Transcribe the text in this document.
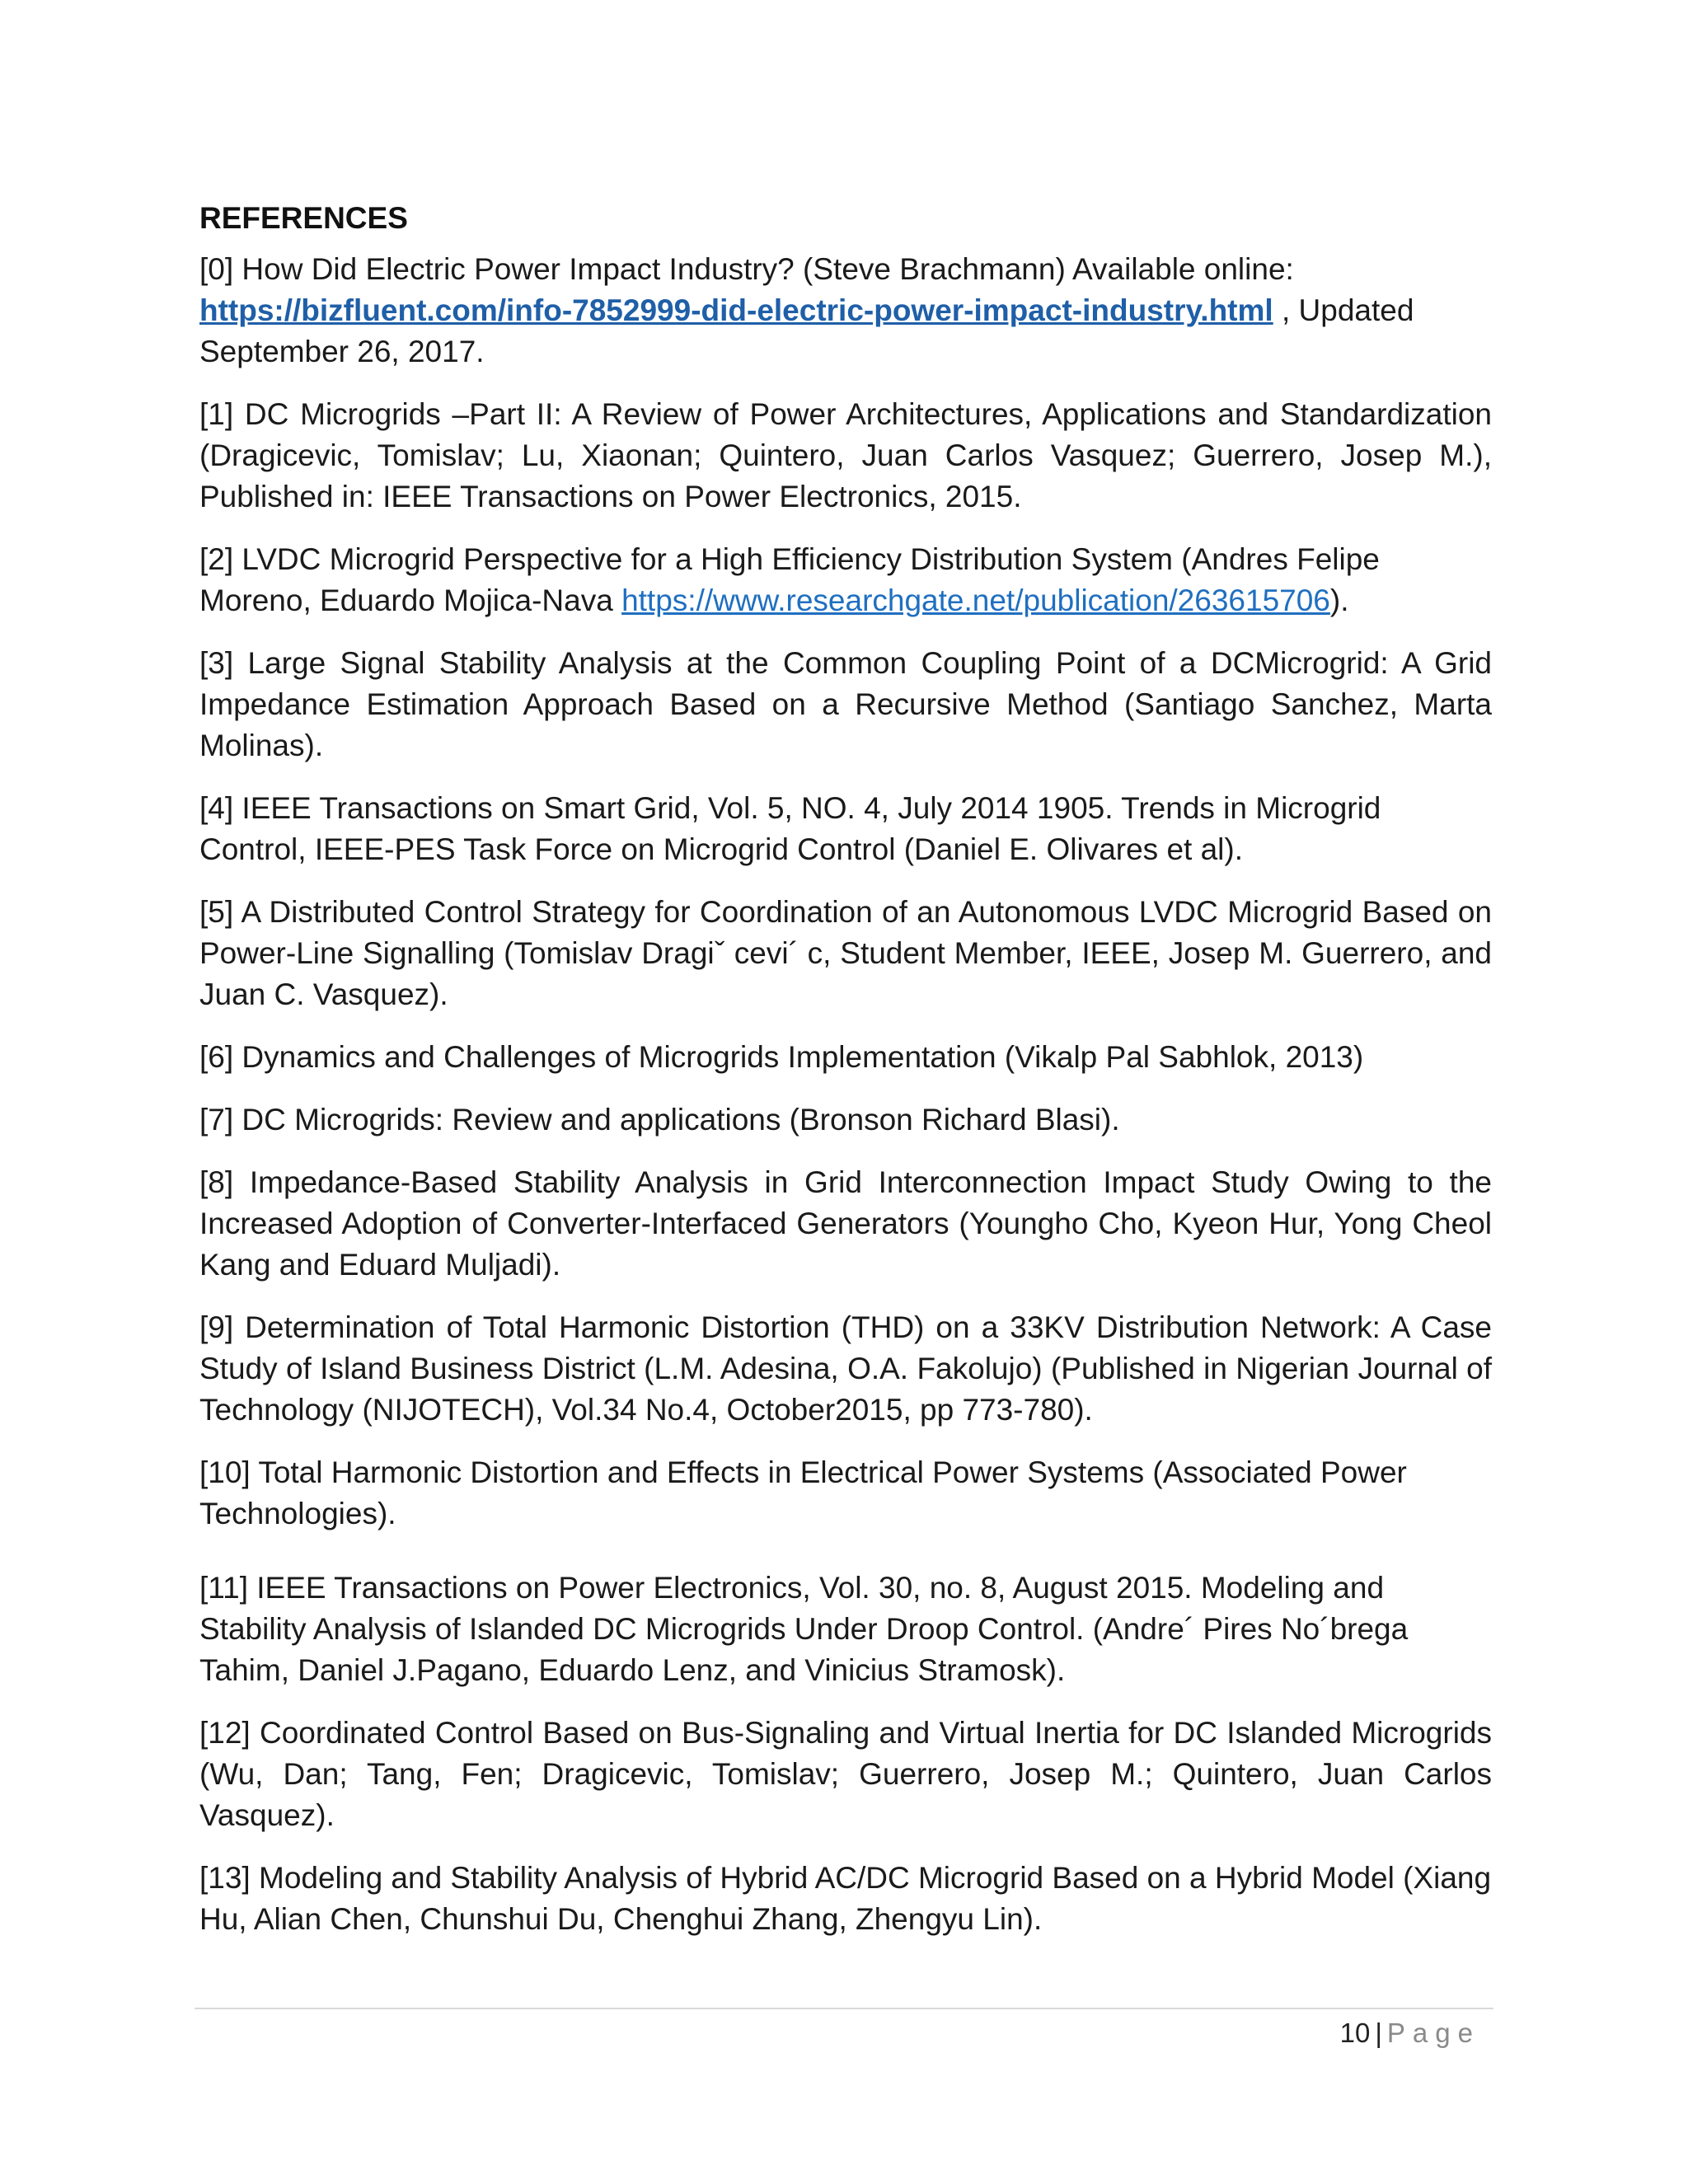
REFERENCES

[0] How Did Electric Power Impact Industry? (Steve Brachmann) Available online: https://bizfluent.com/info-7852999-did-electric-power-impact-industry.html , Updated September 26, 2017.

[1] DC Microgrids –Part II: A Review of Power Architectures, Applications and Standardization (Dragicevic, Tomislav; Lu, Xiaonan; Quintero, Juan Carlos Vasquez; Guerrero, Josep M.), Published in: IEEE Transactions on Power Electronics, 2015.

[2] LVDC Microgrid Perspective for a High Efficiency Distribution System (Andres Felipe Moreno, Eduardo Mojica-Nava https://www.researchgate.net/publication/263615706).

[3] Large Signal Stability Analysis at the Common Coupling Point of a DCMicrogrid: A Grid Impedance Estimation Approach Based on a Recursive Method (Santiago Sanchez, Marta Molinas).

[4] IEEE Transactions on Smart Grid, Vol. 5, NO. 4, July 2014 1905. Trends in Microgrid Control, IEEE-PES Task Force on Microgrid Control (Daniel E. Olivares et al).

[5] A Distributed Control Strategy for Coordination of an Autonomous LVDC Microgrid Based on Power-Line Signalling (Tomislav Dragiˇ cevi´ c, Student Member, IEEE, Josep M. Guerrero, and Juan C. Vasquez).

[6] Dynamics and Challenges of Microgrids Implementation (Vikalp Pal Sabhlok, 2013)

[7] DC Microgrids: Review and applications (Bronson Richard Blasi).

[8] Impedance-Based Stability Analysis in Grid Interconnection Impact Study Owing to the Increased Adoption of Converter-Interfaced Generators (Youngho Cho, Kyeon Hur, Yong Cheol Kang and Eduard Muljadi).

[9] Determination of Total Harmonic Distortion (THD) on a 33KV Distribution Network: A Case Study of Island Business District (L.M. Adesina, O.A. Fakolujo) (Published in Nigerian Journal of Technology (NIJOTECH), Vol.34 No.4, October2015, pp 773-780).

[10] Total Harmonic Distortion and Effects in Electrical Power Systems (Associated Power Technologies).

[11] IEEE Transactions on Power Electronics, Vol. 30, no. 8, August 2015. Modeling and Stability Analysis of Islanded DC Microgrids Under Droop Control. (Andre´ Pires No´brega Tahim, Daniel J.Pagano, Eduardo Lenz, and Vinicius Stramosk).

[12] Coordinated Control Based on Bus-Signaling and Virtual Inertia for DC Islanded Microgrids (Wu, Dan; Tang, Fen; Dragicevic, Tomislav; Guerrero, Josep M.; Quintero, Juan Carlos Vasquez).

[13] Modeling and Stability Analysis of Hybrid AC/DC Microgrid Based on a Hybrid Model (Xiang Hu, Alian Chen, Chunshui Du, Chenghui Zhang, Zhengyu Lin).

10 | Page
